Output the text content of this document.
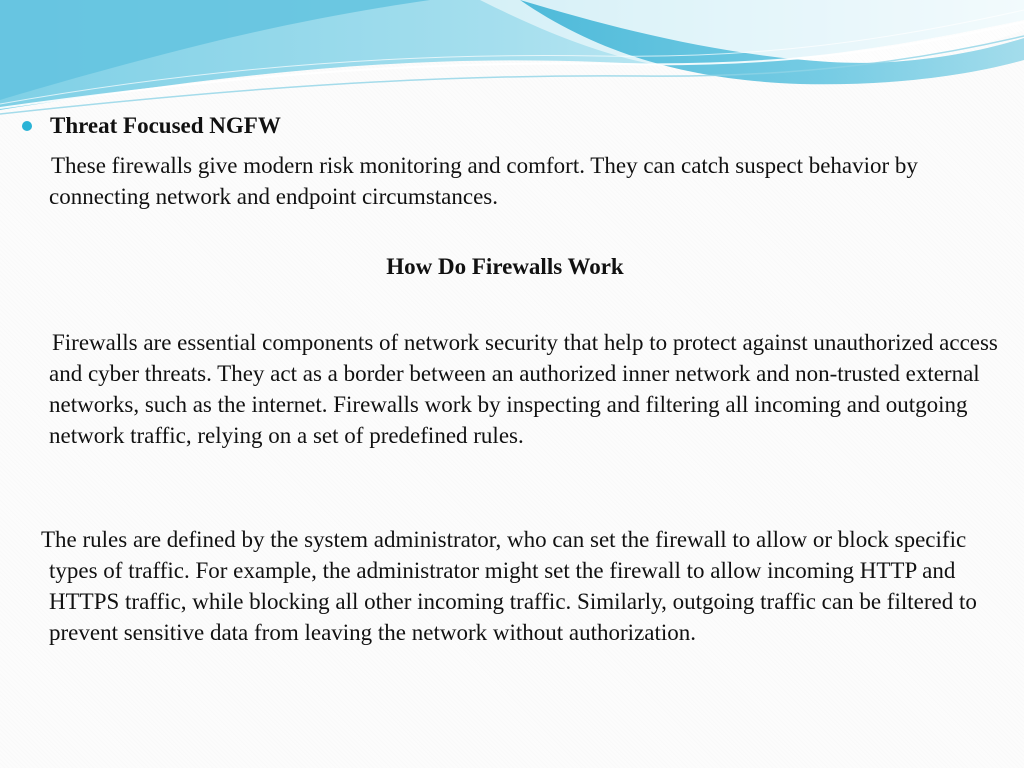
Threat Focused NGFW
These firewalls give modern risk monitoring and comfort. They can catch suspect behavior by connecting network and endpoint circumstances.
How Do Firewalls Work
Firewalls are essential components of network security that help to protect against unauthorized access and cyber threats. They act as a border between an authorized inner network and non-trusted external networks, such as the internet. Firewalls work by inspecting and filtering all incoming and outgoing network traffic, relying on a set of predefined rules.
The rules are defined by the system administrator, who can set the firewall to allow or block specific types of traffic. For example, the administrator might set the firewall to allow incoming HTTP and HTTPS traffic, while blocking all other incoming traffic. Similarly, outgoing traffic can be filtered to prevent sensitive data from leaving the network without authorization.
